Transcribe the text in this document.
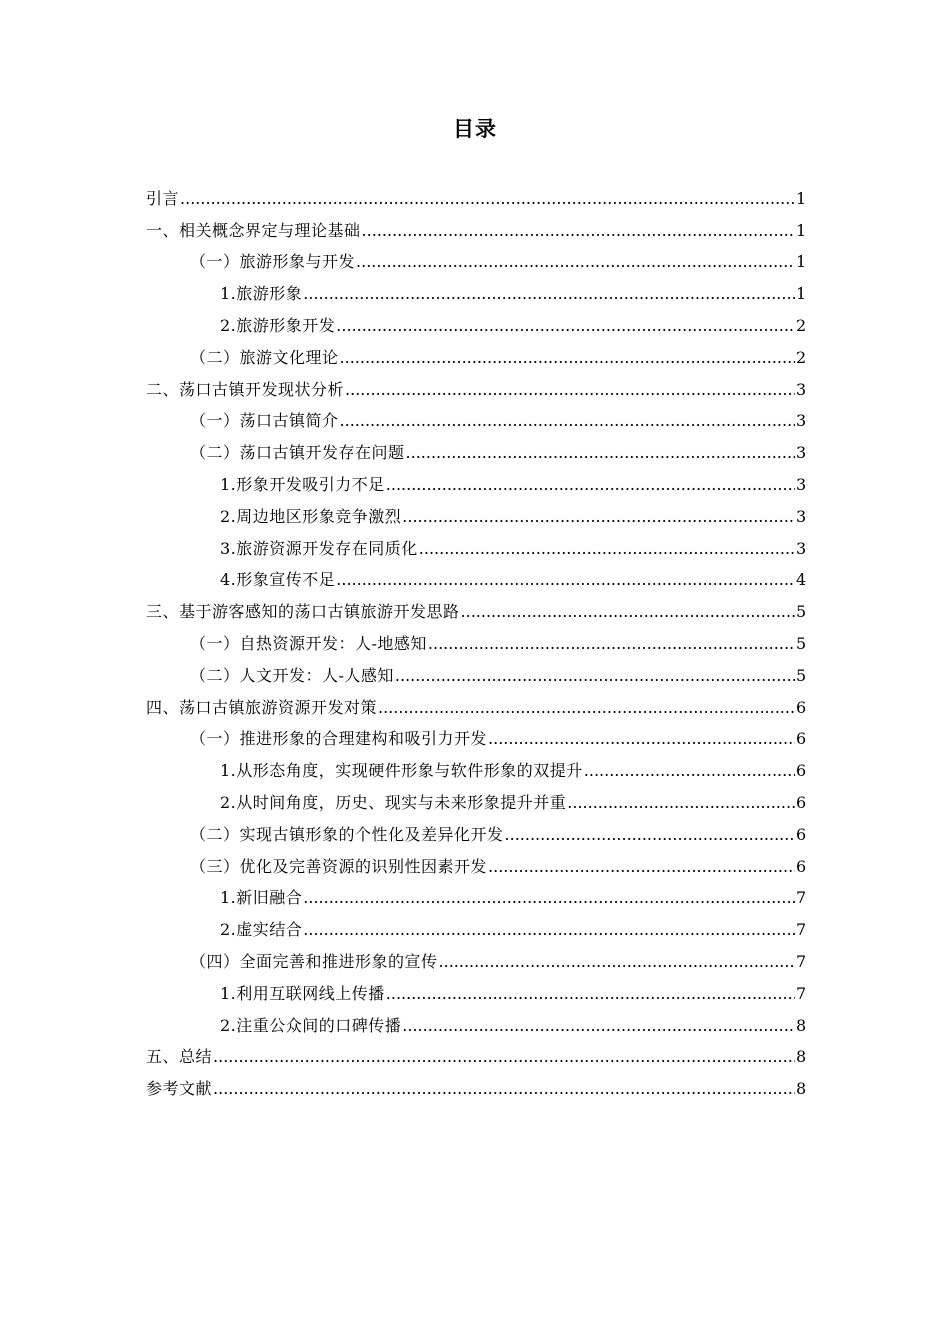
目录
引言 .....	1
一、相关概念界定与理论基础 .....	1
（一）旅游形象与开发 .....	1
1.旅游形象 .....	1
2.旅游形象开发 .....	2
（二）旅游文化理论 .....	2
二、荡口古镇开发现状分析 .....	3
（一）荡口古镇简介 .....	3
（二）荡口古镇开发存在问题 .....	3
1.形象开发吸引力不足 .....	3
2.周边地区形象竞争激烈 .....	3
3.旅游资源开发存在同质化 .....	3
4.形象宣传不足 .....	4
三、基于游客感知的荡口古镇旅游开发思路 .....	5
（一）自热资源开发：人-地感知 .....	5
（二）人文开发：人-人感知 .....	5
四、荡口古镇旅游资源开发对策 .....	6
（一）推进形象的合理建构和吸引力开发 .....	6
1.从形态角度，实现硬件形象与软件形象的双提升 .....	6
2.从时间角度，历史、现实与未来形象提升并重 .....	6
（二）实现古镇形象的个性化及差异化开发 .....	6
（三）优化及完善资源的识别性因素开发 .....	6
1.新旧融合 .....	7
2.虚实结合 .....	7
（四）全面完善和推进形象的宣传 .....	7
1.利用互联网线上传播 .....	7
2.注重公众间的口碑传播 .....	8
五、总结 .....	8
参考文献 .....	8
